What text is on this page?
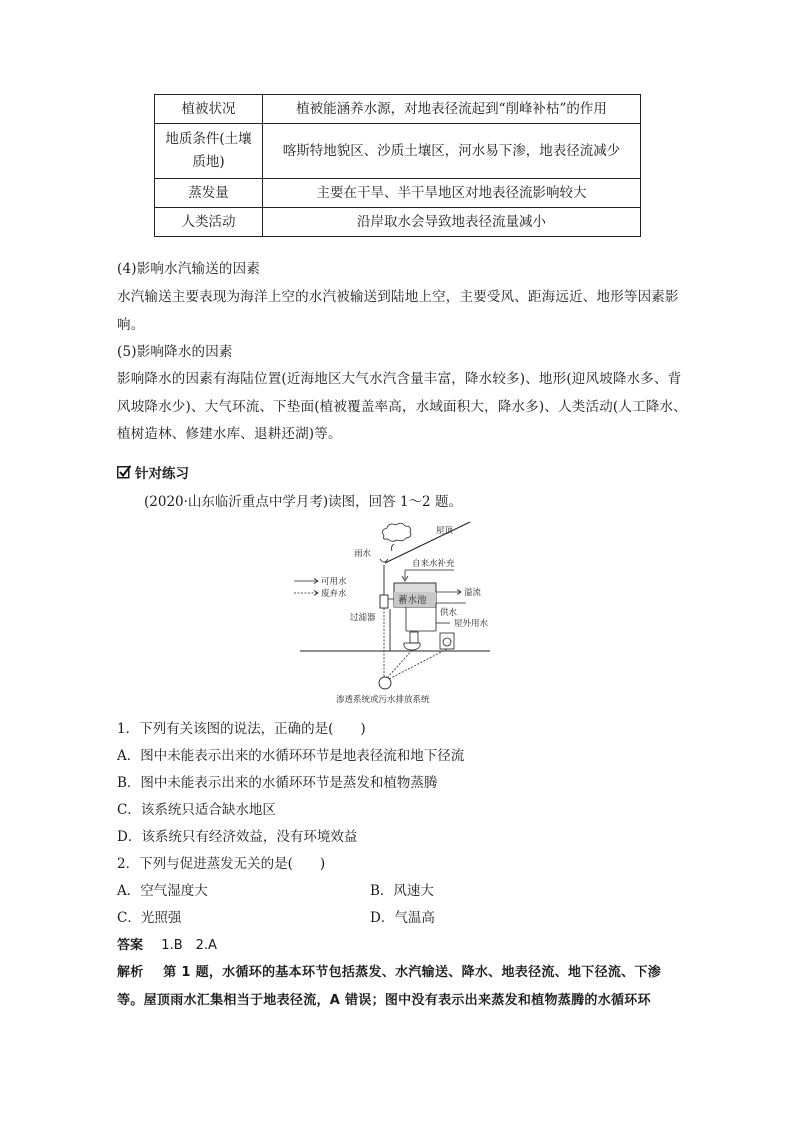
植被状况	植被能涵养水源，对地表径流起到“削峰补枯”的作用

地质条件(土壤
质地)	喀斯特地貌区、沙质土壤区，河水易下渗，地表径流减少
蒸发量	主要在干旱、半干旱地区对地表径流影响较大
人类活动	沿岸取水会导致地表径流量减小
(4)影响水汽输送的因素
水汽输送主要表现为海洋上空的水汽被输送到陆地上空，主要受风、距海远近、地形等因素影响。
(5)影响降水的因素
影响降水的因素有海陆位置(近海地区大气水汽含量丰富，降水较多)、地形(迎风坡降水多、背风坡降水少)、大气环流、下垫面(植被覆盖率高，水域面积大，降水多)、人类活动(人工降水、植树造林、修建水库、退耕还湖)等。
针对练习
(2020·山东临沂重点中学月考)读图，回答 1～2 题。
屋顶
雨水
自来水补充
可用水
废弃水
过滤器
蓄水池
溢流
供水
屋外用水
渗透系统或污水排放系统
1．下列有关该图的说法，正确的是(　　)
A．图中未能表示出来的水循环环节是地表径流和地下径流
B．图中未能表示出来的水循环环节是蒸发和植物蒸腾
C．该系统只适合缺水地区
D．该系统只有经济效益，没有环境效益
2．下列与促进蒸发无关的是(　　)
A．空气湿度大	B．风速大
C．光照强	D．气温高
答案 1.B　2.A
解析 第 1 题，水循环的基本环节包括蒸发、水汽输送、降水、地表径流、地下径流、下渗等。屋顶雨水汇集相当于地表径流，A 错误；图中没有表示出来蒸发和植物蒸腾的水循环环
